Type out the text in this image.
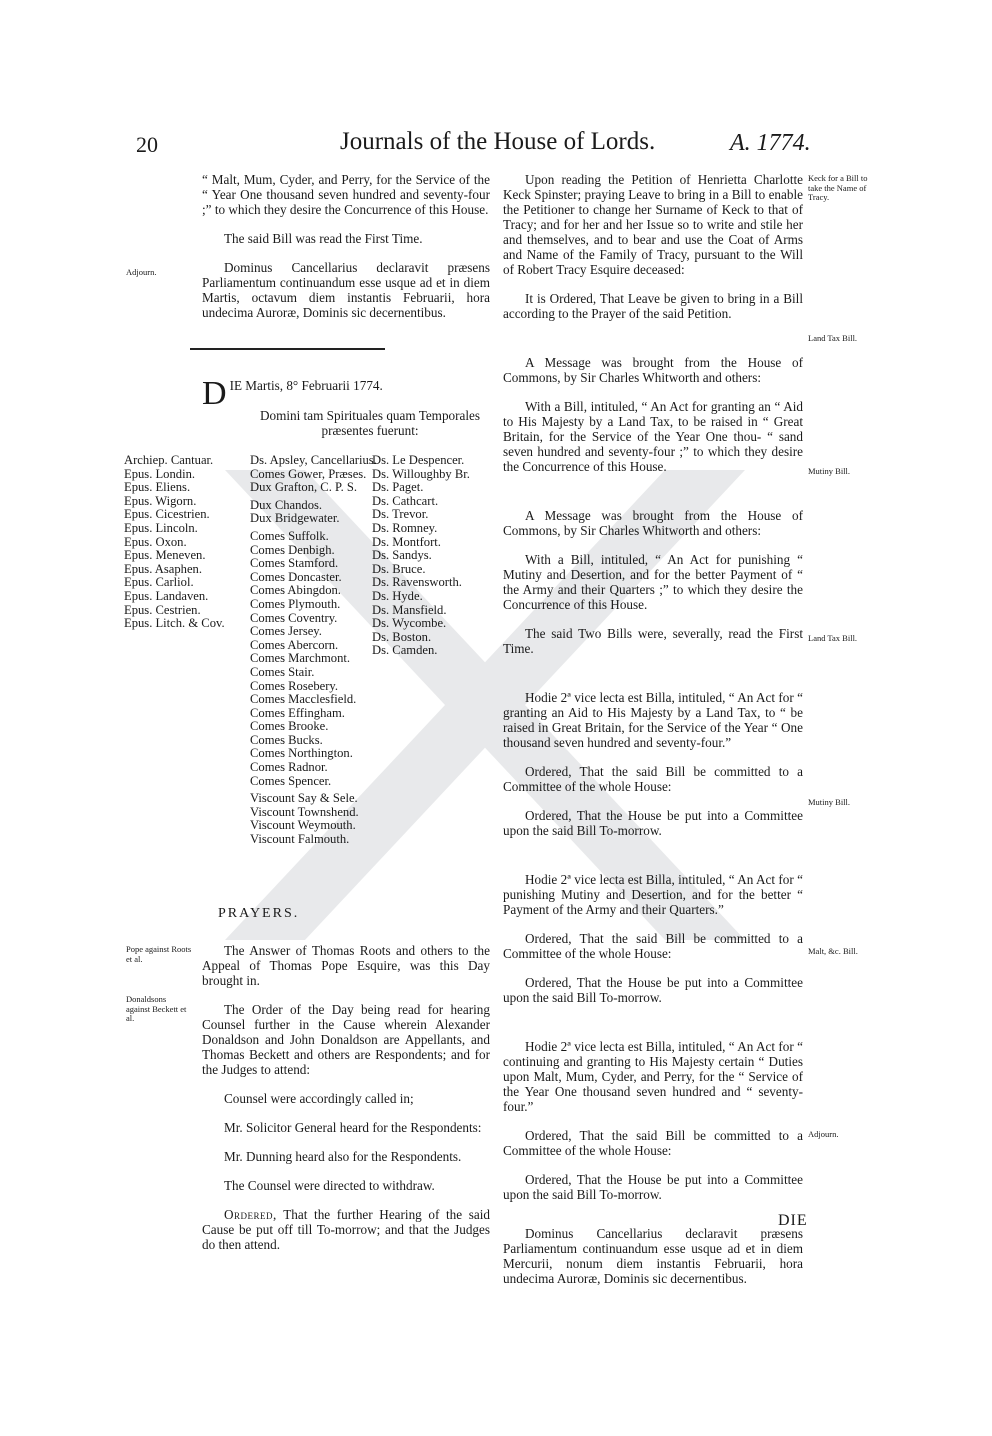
20	Journals of the House of Lords.	A. 1774.

“ Malt, Mum, Cyder, and Perry, for the Service of the “ Year One thousand seven hundred and seventy-four ;” to which they desire the Concurrence of this House.

The said Bill was read the First Time.

Dominus Cancellarius declaravit præsens Parliamentum continuandum esse usque ad et in diem Martis, octavum diem instantis Februarii, hora undecima Auroræ, Dominis sic decernentibus.

Adjourn.
D IE Martis, 8° Februarii 1774.
Domini tam Spirituales quam Temporales præsentes fuerunt:
Archiep. Cantuar.
Epus. Londin.
Epus. Eliens.
Epus. Wigorn.
Epus. Cicestrien.
Epus. Lincoln.
Epus. Oxon.
Epus. Meneven.
Epus. Asaphen.
Epus. Carliol.
Epus. Landaven.
Epus. Cestrien.
Epus. Litch. & Cov.
Ds. Apsley, Cancellarius.
Comes Gower, Præses.
Dux Grafton, C. P. S.
Dux Chandos.
Dux Bridgewater.
Comes Suffolk.
Comes Denbigh.
Comes Stamford.
Comes Doncaster.
Comes Abingdon.
Comes Plymouth.
Comes Coventry.
Comes Jersey.
Comes Abercorn.
Comes Marchmont.
Comes Stair.
Comes Rosebery.
Comes Macclesfield.
Comes Effingham.
Comes Brooke.
Comes Bucks.
Comes Northington.
Comes Radnor.
Comes Spencer.
Viscount Say & Sele.
Viscount Townshend.
Viscount Weymouth.
Viscount Falmouth.
Ds. Le Despencer.
Ds. Willoughby Br.
Ds. Paget.
Ds. Cathcart.
Ds. Trevor.
Ds. Romney.
Ds. Montfort.
Ds. Sandys.
Ds. Bruce.
Ds. Ravensworth.
Ds. Hyde.
Ds. Mansfield.
Ds. Wycombe.
Ds. Boston.
Ds. Camden.
PRAYERS.

The Answer of Thomas Roots and others to the Appeal of Thomas Pope Esquire, was this Day brought in.

The Order of the Day being read for hearing Counsel further in the Cause wherein Alexander Donaldson and John Donaldson are Appellants, and Thomas Beckett and others are Respondents; and for the Judges to attend:

Counsel were accordingly called in;

Mr. Solicitor General heard for the Respondents:

Mr. Dunning heard also for the Respondents.

The Counsel were directed to withdraw.

Ordered, That the further Hearing of the said Cause be put off till To-morrow; and that the Judges do then attend.

Pope against Roots et al.
Donaldsons against Beckett et al.

Upon reading the Petition of Henrietta Charlotte Keck Spinster; praying Leave to bring in a Bill to enable the Petitioner to change her Surname of Keck to that of Tracy; and for her and her Issue so to write and stile her and themselves, and to bear and use the Coat of Arms and Name of the Family of Tracy, pursuant to the Will of Robert Tracy Esquire deceased:

It is Ordered, That Leave be given to bring in a Bill according to the Prayer of the said Petition.

A Message was brought from the House of Commons, by Sir Charles Whitworth and others:

With a Bill, intituled, “ An Act for granting an “ Aid to His Majesty by a Land Tax, to be raised in “ Great Britain, for the Service of the Year One thou- “ sand seven hundred and seventy-four ;” to which they desire the Concurrence of this House.

A Message was brought from the House of Commons, by Sir Charles Whitworth and others:

With a Bill, intituled, “ An Act for punishing “ Mutiny and Desertion, and for the better Payment of “ the Army and their Quarters ;” to which they desire the Concurrence of this House.

The said Two Bills were, severally, read the First Time.

Hodie 2ª vice lecta est Billa, intituled, “ An Act for “ granting an Aid to His Majesty by a Land Tax, to “ be raised in Great Britain, for the Service of the Year “ One thousand seven hundred and seventy-four.”

Ordered, That the said Bill be committed to a Committee of the whole House:

Ordered, That the House be put into a Committee upon the said Bill To-morrow.

Hodie 2ª vice lecta est Billa, intituled, “ An Act for “ punishing Mutiny and Desertion, and for the better “ Payment of the Army and their Quarters.”

Ordered, That the said Bill be committed to a Committee of the whole House:

Ordered, That the House be put into a Committee upon the said Bill To-morrow.

Hodie 2ª vice lecta est Billa, intituled, “ An Act for “ continuing and granting to His Majesty certain “ Duties upon Malt, Mum, Cyder, and Perry, for the “ Service of the Year One thousand seven hundred and “ seventy-four.”

Ordered, That the said Bill be committed to a Committee of the whole House:

Ordered, That the House be put into a Committee upon the said Bill To-morrow.

Dominus Cancellarius declaravit præsens Parliamentum continuandum esse usque ad et in diem Mercurii, nonum diem instantis Februarii, hora undecima Auroræ, Dominis sic decernentibus.

Keck for a Bill to take the Name of Tracy.
Land Tax Bill.
Mutiny Bill.
Land Tax Bill.
Mutiny Bill.
Malt, &c. Bill.
Adjourn.
DIE
